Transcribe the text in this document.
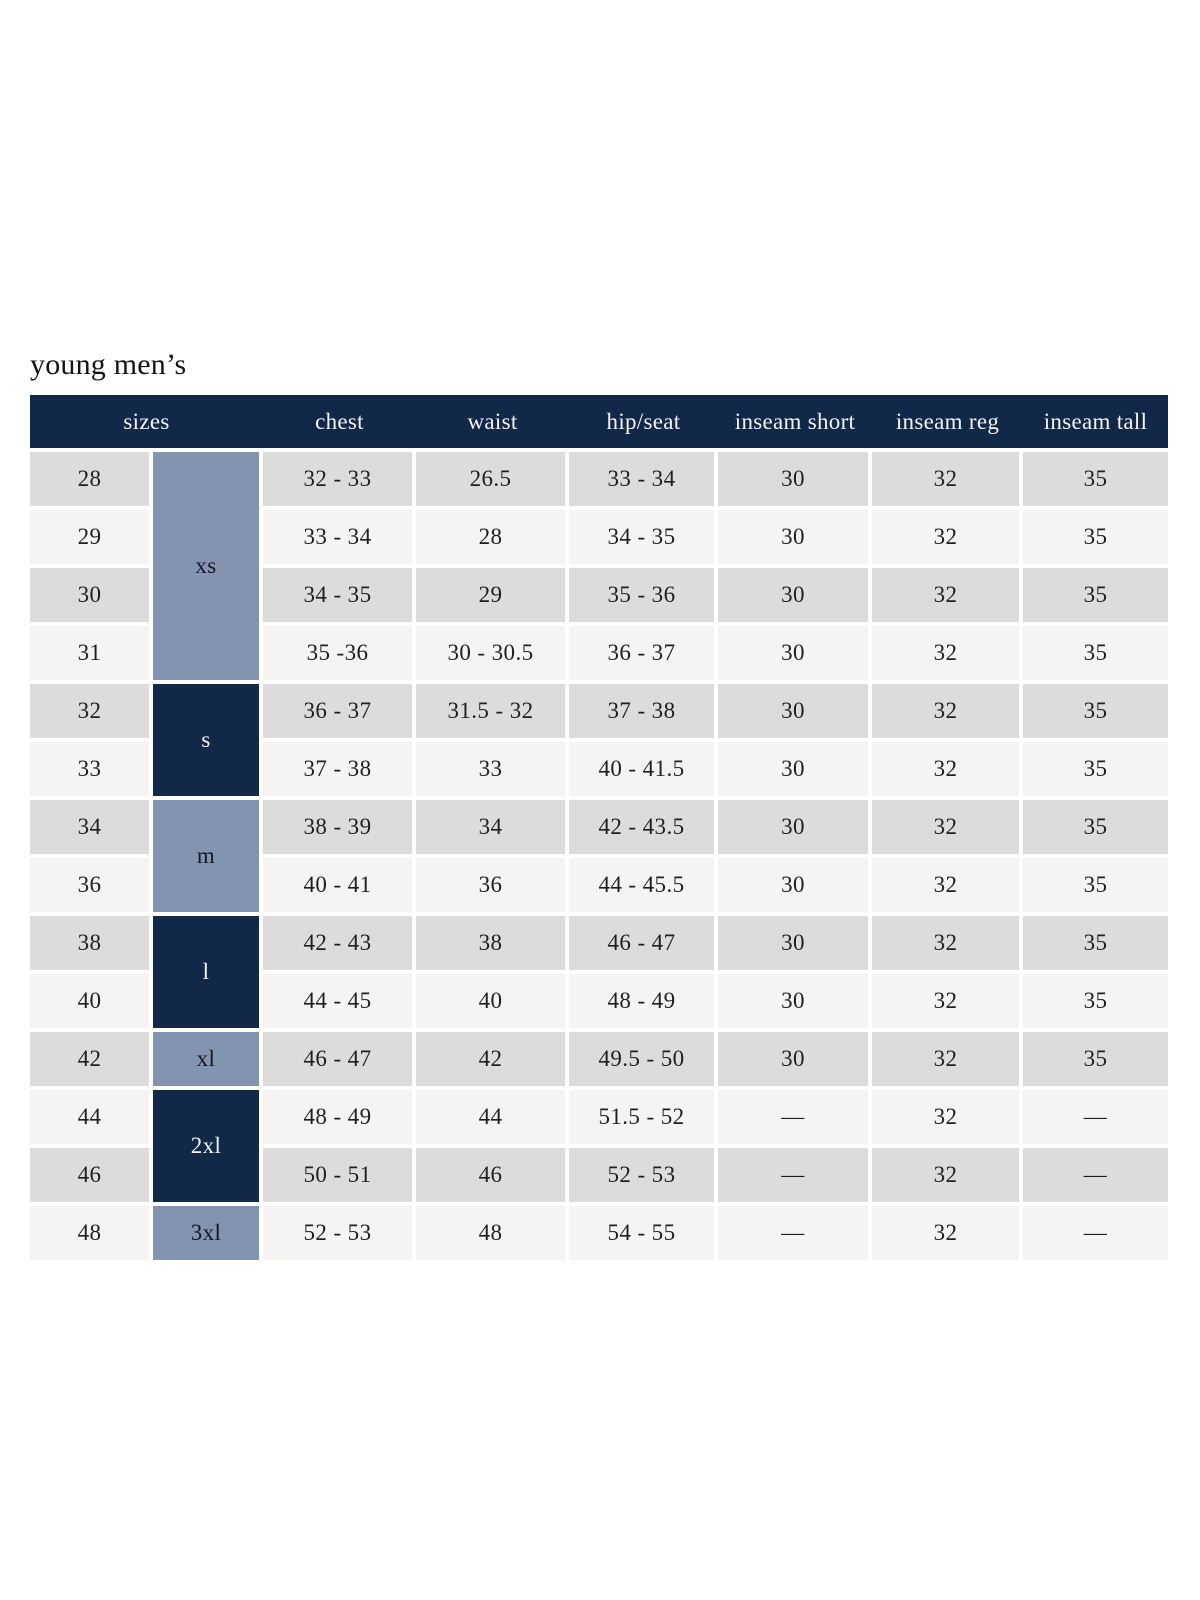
young men’s
sizes		chest	waist	hip/seat	inseam short	inseam reg	inseam tall
28	xs	32 - 33	26.5	33 - 34	30	32	35
29		33 - 34	28	34 - 35	30	32	35
30		34 - 35	29	35 - 36	30	32	35
31		35 -36	30 - 30.5	36 - 37	30	32	35
32	s	36 - 37	31.5 - 32	37 - 38	30	32	35
33		37 - 38	33	40 - 41.5	30	32	35
34	m	38 - 39	34	42 - 43.5	30	32	35
36		40 - 41	36	44 - 45.5	30	32	35
38	l	42 - 43	38	46 - 47	30	32	35
40		44 - 45	40	48 - 49	30	32	35
42	xl	46 - 47	42	49.5 - 50	30	32	35
44	2xl	48 - 49	44	51.5 - 52	—	32	—
46		50 - 51	46	52 - 53	—	32	—
48	3xl	52 - 53	48	54 - 55	—	32	—
